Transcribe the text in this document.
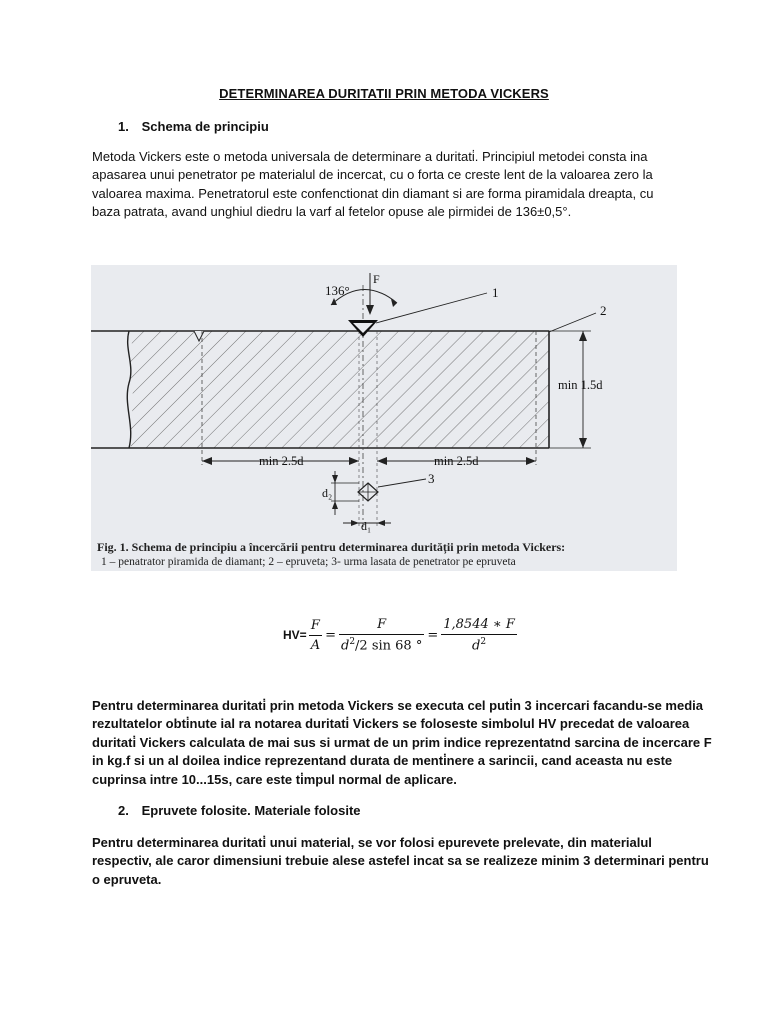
DETERMINAREA DURITATII PRIN METODA VICKERS
1. Schema de principiu
Metoda Vickers este o metoda universala de determinare a duritati̇. Principiul metodei consta ina
apasarea unui penetrator pe materialul de incercat, cu o forta ce creste lent de la valoarea zero la
valoarea maxima. Penetratorul este confenctionat din diamant si are forma piramidala dreapta, cu
baza patrata, avand unghiul diedru la varf al fetelor opuse ale pirmidei de 136±0,5°.
136°
F
1
2
3
min 1.5d
min 2.5d	min 2.5d
d₂
d₁
Fig. 1. Schema de principiu a încercării pentru determinarea durității prin metoda Vickers:
1 – penatrator piramida de diamant; 2 – epruveta; 3- urma lasata de penetrator pe epruveta
$HV= \frac{F}{A} = \frac{F}{d^2/2 \sin 68 ^\circ} = \frac{1,8544 ∗ F}{d^2}$
Pentru determinarea duritati̇ prin metoda Vickers se executa cel puti̇n 3 incercari facandu-se media
rezultatelor obti̇nute ial ra notarea duritati̇ Vickers se foloseste simbolul HV precedat de valoarea
duritati̇ Vickers calculata de mai sus si urmat de un prim indice reprezentatnd sarcina de incercare F
in kg.f si un al doilea indice reprezentand durata de menti̇nere a sarincii, cand aceasta nu este
cuprinsa intre 10...15s, care este ti̇mpul normal de aplicare.
2. Epruvete folosite. Materiale folosite
Pentru determinarea duritati̇ unui material, se vor folosi epurevete prelevate, din materialul
respectiv, ale caror dimensiuni trebuie alese astefel incat sa se realizeze minim 3 determinari pentru
o epruveta.
